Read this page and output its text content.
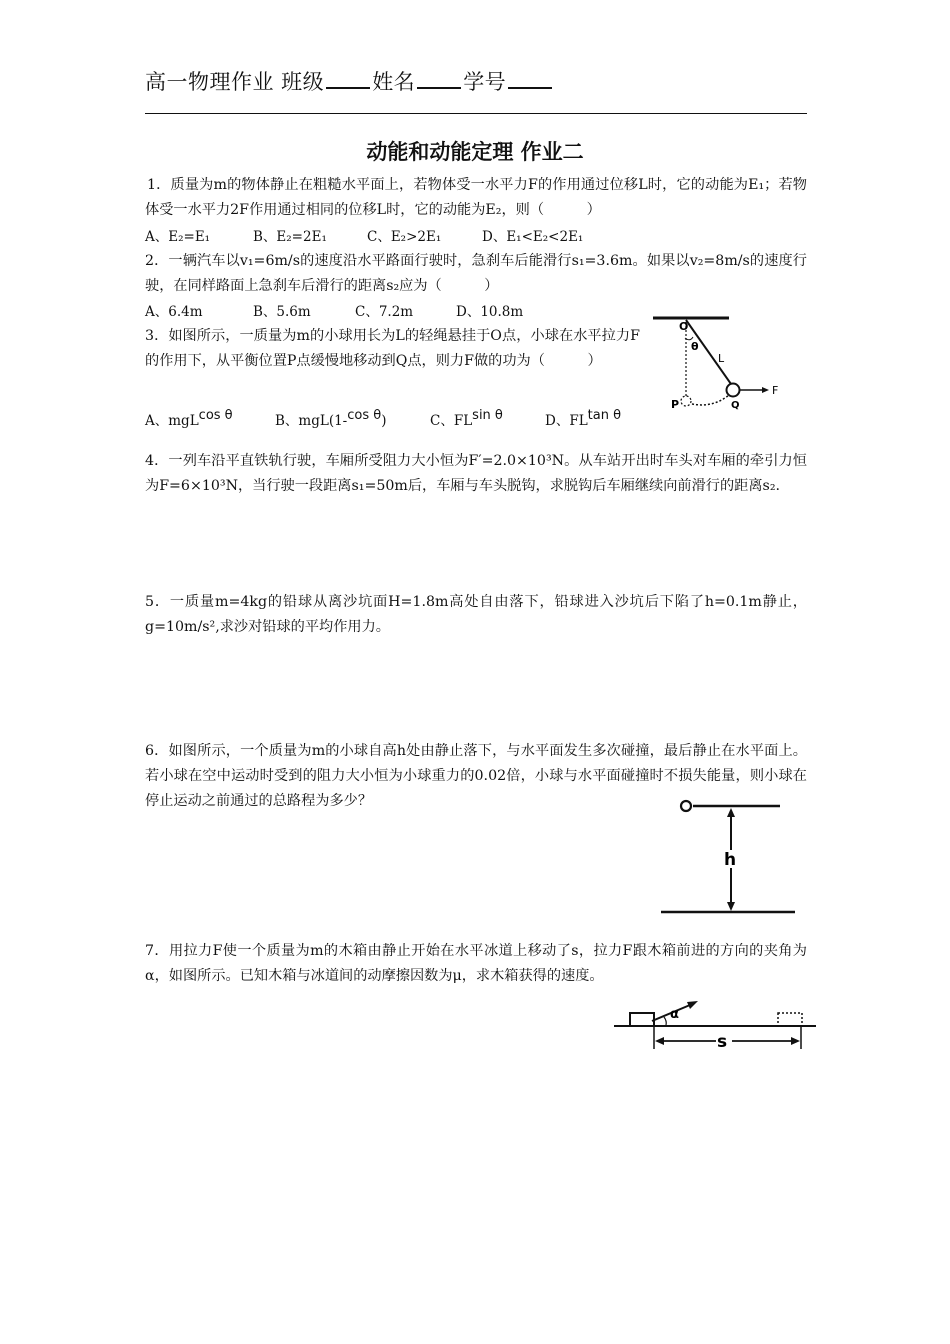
高一物理作业 班级 姓名 学号
动能和动能定理 作业二
1．质量为m的物体静止在粗糙水平面上，若物体受一水平力F的作用通过位移L时，它的动能为E₁；若物体受一水平力2F作用通过相同的位移L时，它的动能为E₂，则（　　　）
A、E₂=E₁	B、E₂=2E₁	C、E₂>2E₁	D、E₁<E₂<2E₁
2．一辆汽车以v₁=6m/s的速度沿水平路面行驶时，急刹车后能滑行s₁=3.6m。如果以v₂=8m/s的速度行驶，在同样路面上急刹车后滑行的距离s₂应为（　　　）
A、6.4m	B、5.6m	C、7.2m	D、10.8m
3．如图所示，一质量为m的小球用长为L的轻绳悬挂于O点，小球在水平拉力F的作用下，从平衡位置P点缓慢地移动到Q点，则力F做的功为（　　　）
A、mgL$^{cos \theta}$	B、mgL(1-$^{cos \theta}$)	C、$FL^{sin \theta}$	D、$FL^{tan \theta}$
O
θ
L
P	Q
F
4．一列车沿平直铁轨行驶，车厢所受阻力大小恒为F′=2.0×10³N。从车站开出时车头对车厢的牵引力恒为F=6×10³N，当行驶一段距离s₁=50m后，车厢与车头脱钩，求脱钩后车厢继续向前滑行的距离s₂.
5．一质量m=4kg的铅球从离沙坑面H=1.8m高处自由落下，铅球进入沙坑后下陷了h=0.1m静止，g=10m/s²,求沙对铅球的平均作用力。
6．如图所示，一个质量为m的小球自高h处由静止落下，与水平面发生多次碰撞，最后静止在水平面上。若小球在空中运动时受到的阻力大小恒为小球重力的0.02倍，小球与水平面碰撞时不损失能量，则小球在停止运动之前通过的总路程为多少？
h
7．用拉力F使一个质量为m的木箱由静止开始在水平冰道上移动了s，拉力F跟木箱前进的方向的夹角为α，如图所示。已知木箱与冰道间的动摩擦因数为μ，求木箱获得的速度。
α
s
